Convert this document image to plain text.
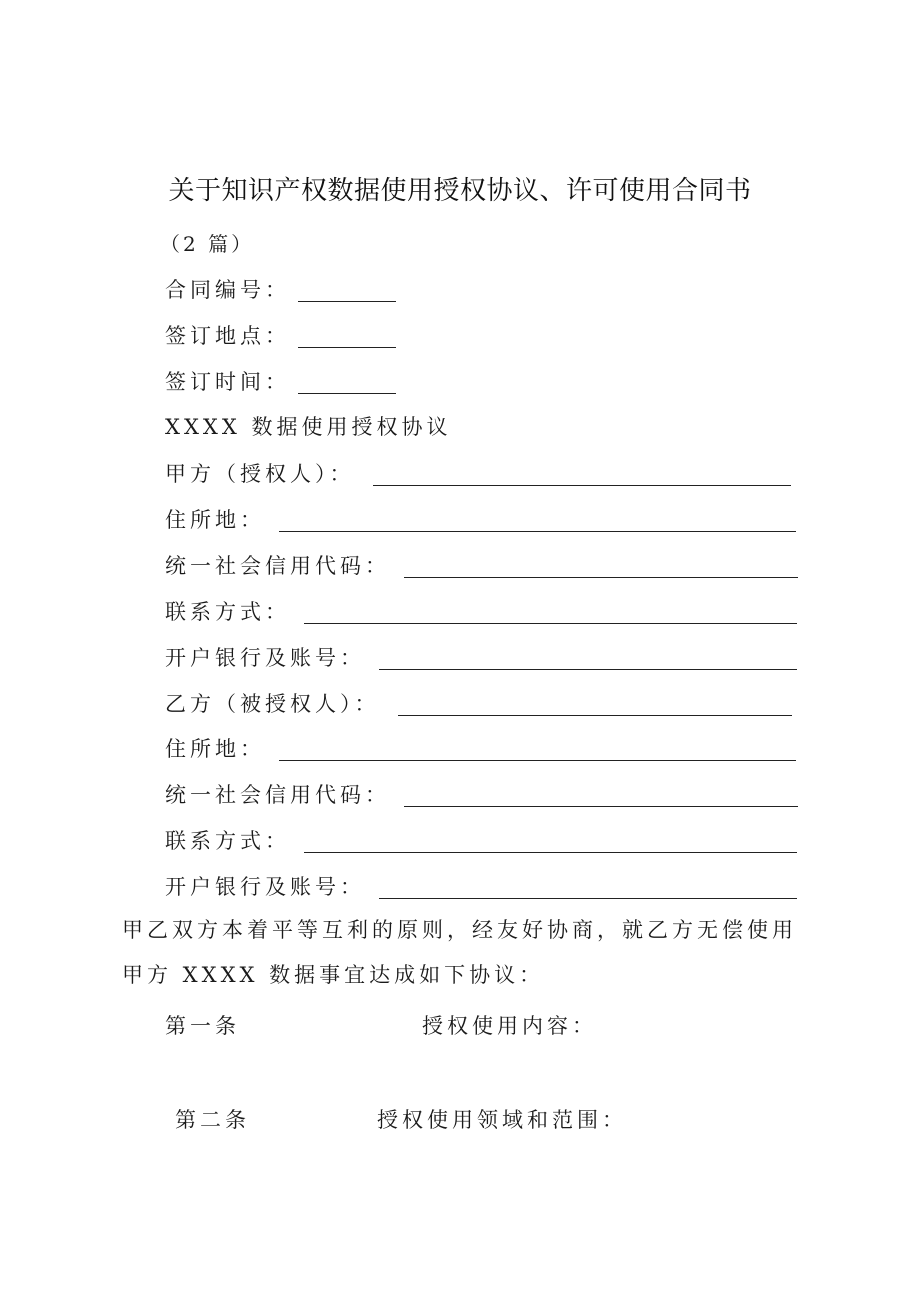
关于知识产权数据使用授权协议、许可使用合同书
（2 篇）
合同编号：
签订地点：
签订时间：
XXXX 数据使用授权协议
甲方（授权人）：
住所地：
统一社会信用代码：
联系方式：
开户银行及账号：
乙方（被授权人）：
住所地：
统一社会信用代码：
联系方式：
开户银行及账号：
甲乙双方本着平等互利的原则，经友好协商，就乙方无偿使用
甲方 XXXX 数据事宜达成如下协议：
第一条	授权使用内容：
第二条	授权使用领域和范围：
